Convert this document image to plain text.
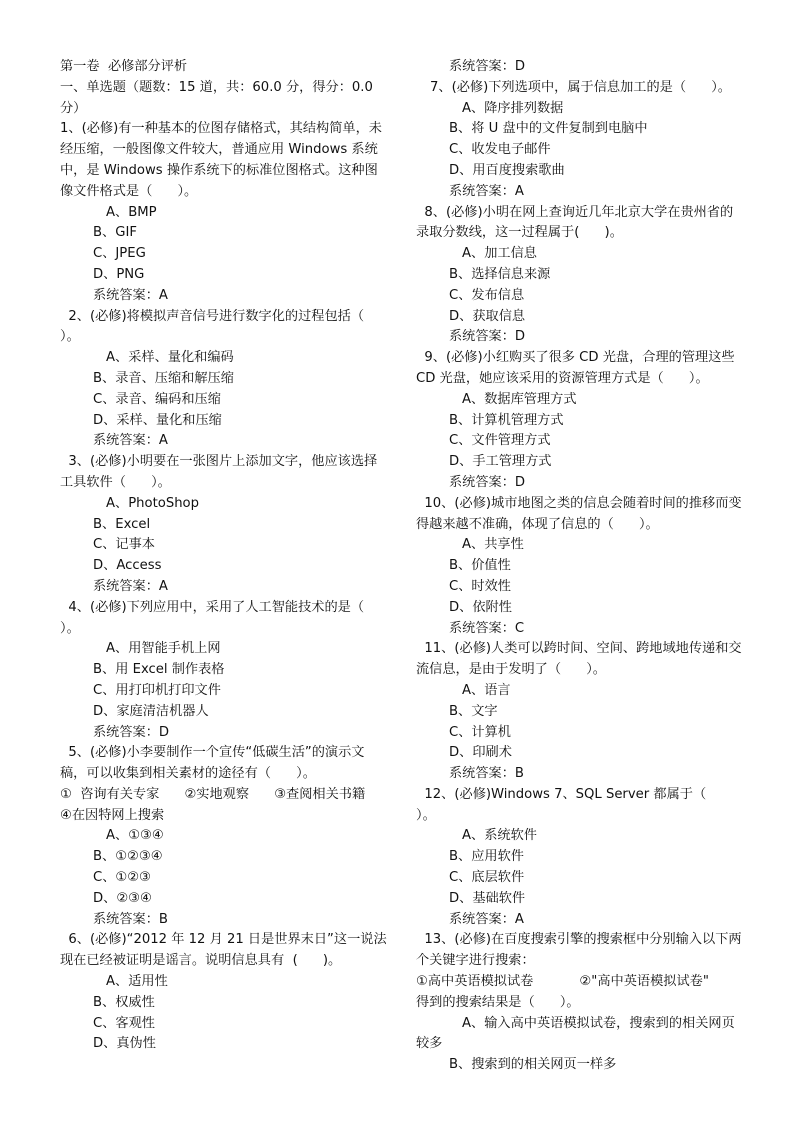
第一卷  必修部分评析
一、单选题（题数：15 道，共：60.0 分，得分：0.0 分）
1、(必修)有一种基本的位图存储格式，其结构简单，未经压缩，一般图像文件较大，普通应用 Windows 系统中，是 Windows 操作系统下的标准位图格式。这种图像文件格式是（      ）。
A、BMP
B、GIF
C、JPEG
D、PNG
系统答案：A
2、(必修)将模拟声音信号进行数字化的过程包括（      ）。
A、采样、量化和编码
B、录音、压缩和解压缩
C、录音、编码和压缩
D、采样、量化和压缩
系统答案：A
3、(必修)小明要在一张图片上添加文字，他应该选择工具软件（      ）。
A、PhotoShop
B、Excel
C、记事本
D、Access
系统答案：A
4、(必修)下列应用中，采用了人工智能技术的是（      ）。
A、用智能手机上网
B、用 Excel 制作表格
C、用打印机打印文件
D、家庭清洁机器人
系统答案：D
5、(必修)小李要制作一个宣传“低碳生活”的演示文稿，可以收集到相关素材的途径有（      ）。
①  咨询有关专家      ②实地观察      ③查阅相关书籍
④在因特网上搜索
A、①③④
B、①②③④
C、①②③
D、②③④
系统答案：B
6、(必修)“2012 年 12 月 21 日是世界末日”这一说法现在已经被证明是谣言。说明信息具有  (      )。
A、适用性
B、权威性
C、客观性
D、真伪性
系统答案：D
7、(必修)下列选项中，属于信息加工的是（      ）。
A、降序排列数据
B、将 U 盘中的文件复制到电脑中
C、收发电子邮件
D、用百度搜索歌曲
系统答案：A
8、(必修)小明在网上查询近几年北京大学在贵州省的录取分数线，这一过程属于(      )。
A、加工信息
B、选择信息来源
C、发布信息
D、获取信息
系统答案：D
9、(必修)小红购买了很多 CD 光盘，合理的管理这些 CD 光盘，她应该采用的资源管理方式是（      ）。
A、数据库管理方式
B、计算机管理方式
C、文件管理方式
D、手工管理方式
系统答案：D
10、(必修)城市地图之类的信息会随着时间的推移而变得越来越不准确，体现了信息的（      ）。
A、共享性
B、价值性
C、时效性
D、依附性
系统答案：C
11、(必修)人类可以跨时间、空间、跨地域地传递和交流信息，是由于发明了（      ）。
A、语言
B、文字
C、计算机
D、印刷术
系统答案：B
12、(必修)Windows 7、SQL Server 都属于（      ）。
A、系统软件
B、应用软件
C、底层软件
D、基础软件
系统答案：A
13、(必修)在百度搜索引擎的搜索框中分别输入以下两个关键字进行搜索：
①高中英语模拟试卷           ②"高中英语模拟试卷"
得到的搜索结果是（      ）。
A、输入高中英语模拟试卷，搜索到的相关网页较多
B、搜索到的相关网页一样多
